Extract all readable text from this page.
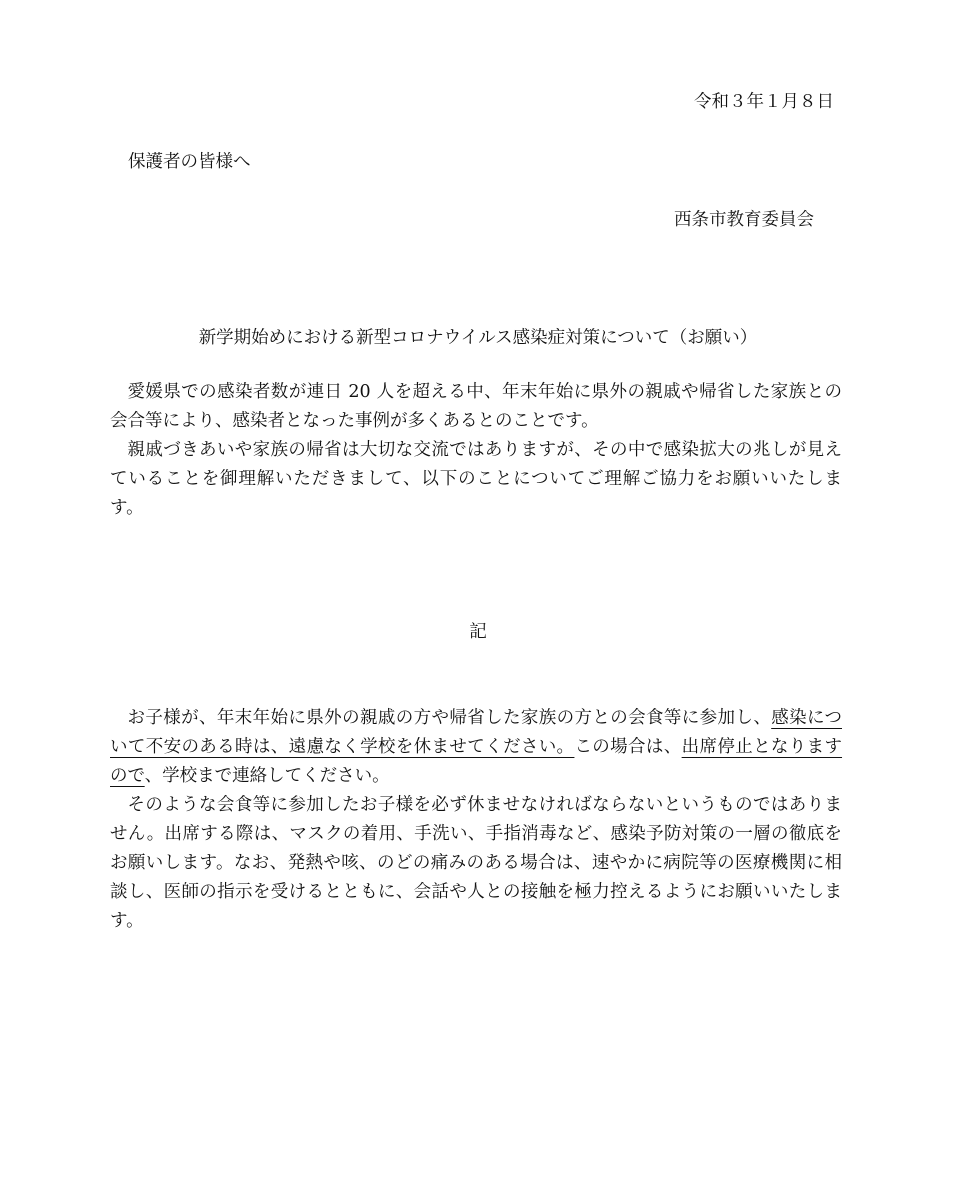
令和３年１月８日
保護者の皆様へ
西条市教育委員会
新学期始めにおける新型コロナウイルス感染症対策について（お願い）

愛媛県での感染者数が連日 20 人を超える中、年末年始に県外の親戚や帰省した家族との会合等により、感染者となった事例が多くあるとのことです。

親戚づきあいや家族の帰省は大切な交流ではありますが、その中で感染拡大の兆しが見えていることを御理解いただきまして、以下のことについてご理解ご協力をお願いいたします。

記

お子様が、年末年始に県外の親戚の方や帰省した家族の方との会食等に参加し、感染について不安のある時は、遠慮なく学校を休ませてください。この場合は、出席停止となりますので、学校まで連絡してください。

そのような会食等に参加したお子様を必ず休ませなければならないというものではありません。出席する際は、マスクの着用、手洗い、手指消毒など、感染予防対策の一層の徹底をお願いします。なお、発熱や咳、のどの痛みのある場合は、速やかに病院等の医療機関に相談し、医師の指示を受けるとともに、会話や人との接触を極力控えるようにお願いいたします。
